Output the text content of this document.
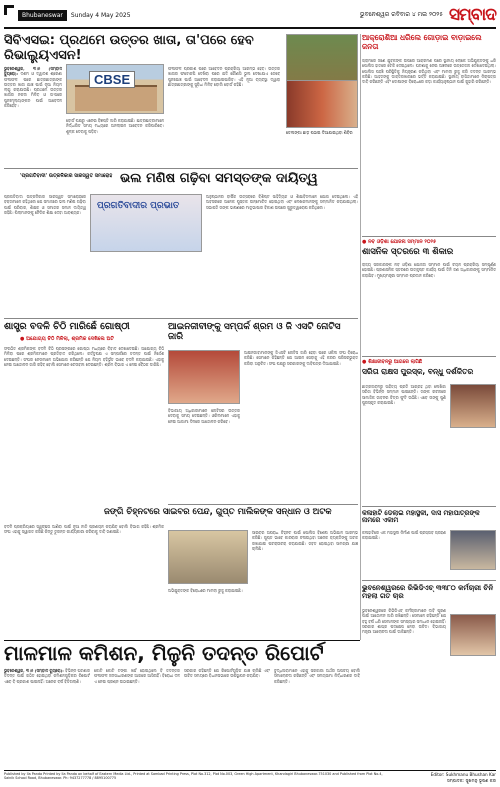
Bhubaneswar	Sunday 4 May 2025	ଭୁବନେଶ୍ୱର ରବିବାର ୪ ମଇ ୨୦୨୫ ସମ୍ବାଦ
ସିବିଏସଇ: ପ୍ରଥମେ ଉତ୍ତର ଖାତା, ତା'ପରେ ହେବ ରିଭାଲ୍ୟୁଏସନ!
ଭୁବନେଶ୍ୱର, ୩।୫ (ସମ୍ବାଦ ବ୍ୟୁରୋ): ଦଶମ ଓ ଦ୍ୱାଦଶ ଶ୍ରେଣୀ ଫଳାଫଳ ପରେ ଛାତ୍ରଛାତ୍ରୀଙ୍କ ଉତ୍ତର ଖାତା ଯାଞ୍ଚ ପାଇଁ ନୂଆ ନିୟମ ଲାଗୁ କରାଯାଉଛି। ପ୍ରଥମେ ଉତ୍ତର ଖାତାର ନକଲ ମିଳିବ ଓ ତା'ପରେ ପୁନଃମୂଲ୍ୟାଙ୍କନ ପାଇଁ ଆବେଦନ କରିହେବ।
CBSE
ବୋର୍ଡ ପକ୍ଷରୁ ଏନେଇ ବିଜ୍ଞପ୍ତି ଜାରି କରାଯାଇଛି। ଛାତ୍ରଛାତ୍ରୀମାନେ ନିର୍ଦ୍ଧାରିତ ସମୟ ମଧ୍ୟରେ ଅନଲାଇନ ଆବେଦନ କରିପାରିବେ। ଶୁଳ୍କ ଦେବାକୁ ପଡ଼ିବ।
ଫଳାଫଳ ପ୍ରକାଶ ପରେ ଆବେଦନ ପ୍ରକ୍ରିୟା ଆରମ୍ଭ ହେବ। ଉତ୍ତର ଖାତାର ଫଟୋକପି ଦେଖିବା ପରେ ଯଦି କୌଣସି ଭୁଲ ଦେଖାଯାଏ ତେବେ ପୁନଃଯାଞ୍ଚ ପାଇଁ ଆବେଦନ କରାଯାଇପାରିବ। ଏହି ନୂଆ ବ୍ୟବସ୍ଥା ଦ୍ୱାରା ଛାତ୍ରଛାତ୍ରୀଙ୍କୁ ସୁବିଧା ମିଳିବ ବୋଲି ବୋର୍ଡ କହିଛି।
ତେଲଙ୍ଗା ଛାଡ଼ ପଠାଇ ଦିଆଯାଇଥିବା ଶିବିର
ଆକ୍ରୋଶିଆ ଧରିଲେ ଗୋଡ଼ାଇ ବାଡ଼ାଇଲେ ଜନତା
ଗ୍ରାମରେ ଜଣେ ଯୁବକଙ୍କ ଉପରେ ଆକ୍ରମଣ ପରେ ସ୍ଥାନୀୟ ଲୋକେ ଅଭିଯୁକ୍ତଙ୍କୁ ଧରି ପୋଲିସ ହାତରେ ଟେକି ଦେଇଥିଲେ। ଘଟଣାକୁ ନେଇ ଅଞ୍ଚଳରେ ଉତ୍ତେଜନା ଦେଖାଦେଇଥିଲା। ପୋଲିସ ପହଞ୍ଚି ପରିସ୍ଥିତିକୁ ନିୟନ୍ତ୍ରଣ କରିଥିଲା ଏବଂ ମାମଲା ରୁଜୁ କରି ତଦନ୍ତ ଆରମ୍ଭ କରିଛି। ଆହତଙ୍କୁ ଡାକ୍ତରଖାନାରେ ଭର୍ତ୍ତି କରାଯାଇଛି। ସ୍ଥାନୀୟ ବାସିନ୍ଦାମାନେ ନିରାପତ୍ତା ଦାବି କରିଛନ୍ତି ଏବଂ ଦୋଷୀଙ୍କ ବିରୋଧରେ କଡ଼ା କାର୍ଯ୍ୟାନୁଷ୍ଠାନ ପାଇଁ ଗୁହାରି କରିଛନ୍ତି।
'ପ୍ରଗତିବାଦୀ' ଉତ୍କଳିକାର ସାରସ୍ୱତ ସମାରୋହ ଭଲ ମଣିଷ ଗଢ଼ିବା ସମସ୍ତଙ୍କ ଦାୟିତ୍ୱ
ପ୍ରଗତିବାଦୀ ଉତ୍କଳିକାର ସାରସ୍ୱତ ସମାରୋହରେ ବକ୍ତାମାନେ କହିଥିଲେ ଯେ ସମାଜରେ ଭଲ ମଣିଷ ଗଢ଼ିବା ପାଇଁ ପରିବାର, ଶିକ୍ଷକ ଓ ସମାଜର ସମାନ ଦାୟିତ୍ୱ ରହିଛି। ପିଲାମାନଙ୍କୁ ନୈତିକ ଶିକ୍ଷା ଦେବା ଆବଶ୍ୟକ।
ପ୍ରଗତିବାଦୀର ପ୍ରଭାତ
ଅନୁଷ୍ଠାନର ବାର୍ଷିକ ଉତ୍ସବରେ ବିଶିଷ୍ଟ ସାହିତ୍ୟିକ ଓ ଶିକ୍ଷାବିତମାନେ ଯୋଗ ଦେଇଥିଲେ। ଏହି ଅବସରରେ ଅନେକ ପୁସ୍ତକ ଉନ୍ମୋଚିତ ହୋଇଥିଲା ଏବଂ ଲେଖକମାନଙ୍କୁ ସମ୍ମାନିତ କରାଯାଇଥିଲା। ସଭାପତି ତାଙ୍କ ଭାଷଣରେ ମାତୃଭାଷାର ବିକାଶ ଉପରେ ଗୁରୁତ୍ୱାରୋପ କରିଥିଲେ।
ଶାସ୍ତ୍ର ବଦଳି ଚିଠି ମାରିଛେଁ ଗୋଷ୍ଠୀ
● ଅଯୋଗ୍ୟ ଚିଠି ମିଳିଲା, ଶ୍ରମିକ ଦେଖିଲେ ଅଟି
ସଂଗଠିତ ଶ୍ରମିକଙ୍କ ବଦଳି ଚିଠି ପ୍ରସଙ୍ଗରେ ଗୋଷ୍ଠୀ ମଧ୍ୟରେ ବିବାଦ ଦେଖାଦେଇଛି। ଅଯୋଗ୍ୟ ଚିଠି ମିଳିବା ପରେ ଶ୍ରମିକମାନେ ପ୍ରତିବାଦ କରିଥିଲେ। କର୍ତ୍ତୃପକ୍ଷ ଏ ସମ୍ପର୍କରେ ତଦନ୍ତ ପାଇଁ ନିର୍ଦ୍ଦେଶ ଦେଇଛନ୍ତି। ସଂଘର ନେତାମାନେ ଅଭିଯୋଗ କରିଛନ୍ତି ଯେ ନିୟମ ବହିର୍ଭୂତ ଭାବେ ବଦଳି କରାଯାଉଛି। ଏହାକୁ ନେଇ ଆନ୍ଦୋଳନ ଜାରି ରହିବ ବୋଲି ସେମାନେ ଚେତାବନୀ ଦେଇଛନ୍ତି। ଶ୍ରମ ବିଭାଗ ଏ ନେଇ ବୈଠକ ଡାକିଛି।
ଆଇନଜୀବୀଙ୍କୁ ସମ୍ପର୍କ ଶ୍ରମ ଓ ଜି ଏସଟି ନୋଟିସ ଜାରି
ଆଇନଜୀବୀମାନଙ୍କୁ ଜିଏସଟି ନୋଟିସ ଜାରି ହେବା ପରେ ଓକିଲ ସଂଘ ବିରୋଧ କରିଛି। ସେମାନେ କହିଛନ୍ତି ଯେ ଆଇନ ସେବାକୁ ଏହି କରର ପରିସରଭୁକ୍ତ କରିବା ଅନୁଚିତ। ସଂଘ ପକ୍ଷରୁ ସରକାରଙ୍କୁ ଦାବିପତ୍ର ଦିଆଯାଇଛି।
ବିଭାଗୀୟ ଅଧିକାରୀମାନେ ନୋଟିସର ଉତ୍ତର ଦେବାକୁ ସମୟ ଦେଇଛନ୍ତି। ଓକିଲମାନେ ଏହାକୁ ନେଇ ଆଗାମୀ ଦିନରେ ଆନ୍ଦୋଳନ କରିବେ।
ଜଙ୍ଗି ଚିହ୍ନଟରେ ସାଇବର ପେନ୍ଦ, ଗୁପ୍ତ ମାଲିକଙ୍କ ସନ୍ଧାନ ଓ ଅଟକ
ସାଇବର ଅପରାଧ ଚିହ୍ନଟ ପାଇଁ ପୋଲିସ ବିଶେଷ ଅଭିଯାନ ଆରମ୍ଭ କରିଛି। ଗୁପ୍ତ ଭାବେ କାରବାର ଚଳାଉଥିବା ଅନେକ ବ୍ୟକ୍ତିଙ୍କୁ ଅଟକ ରଖାଯାଇ ପଚରାଉଚରା କରାଯାଉଛି। ଜବତ ହୋଇଥିବା ସାମଗ୍ରୀ ଯାଞ୍ଚ ଚାଲିଛି।
ଅଭିଯୁକ୍ତଙ୍କ ବିରୋଧରେ ମାମଲା ରୁଜୁ କରାଯାଇଛି।
● ନବ ଓଡ଼ିଶା ଯୋଜନା ସମ୍ମାନ ୨୦୨୫
ଶାସନିକ ସ୍ତରରେ ୩ ଶିକାର
ରାଜ୍ୟ ସରକାରଙ୍କ ନବ ଓଡ଼ିଶା ଯୋଜନା ସମ୍ମାନ ପାଇଁ ଚୟନ ପ୍ରକ୍ରିୟା ସମ୍ପୂର୍ଣ୍ଣ ହୋଇଛି। ପ୍ରଶାସନିକ ସ୍ତରରେ ଉତ୍କୃଷ୍ଟ କାର୍ଯ୍ୟ ପାଇଁ ତିନି ଜଣ ଅଧିକାରୀଙ୍କୁ ସମ୍ମାନିତ କରାଯିବ। ମୁଖ୍ୟମନ୍ତ୍ରୀ ସମ୍ମାନ ପ୍ରଦାନ କରିବେ।
● ଶିକ୍ଷାଜୀବନରୁ ଆଗରେ ଲାଗିଛି
ସରିତା ରାକ୍ଷସ ପୁରସ୍କ, ବନ୍ଧୁ ଦର୍ଶକିତର
ଛାତ୍ରଜୀବନରୁ ସାହିତ୍ୟ ପ୍ରତି ଆଗ୍ରହ ଥିବା ଲେଖିକା ସରିତା ବିଭିନ୍ନ ସମ୍ମାନ ପାଇଛନ୍ତି। ତାଙ୍କ ରଚନାରେ ସାମାଜିକ ଜୀବନର ଚିତ୍ର ଫୁଟି ଉଠିଛି। ଏବେ ତାଙ୍କୁ ପୁଣି ପୁରସ୍କୃତ କରାଯାଇଛି।
କଳାହାଟି ଡେଲାଇ ମହାସ୍ଥଳୀ, ଦାସ ମହାପାତ୍ରଙ୍କ ନାମରେ ଏକାମ
କଳାହାଟିରେ ଏକ ମହାସ୍ଥଳୀ ନିର୍ମାଣ ପାଇଁ ପ୍ରସ୍ତାବ ଗ୍ରହଣ କରାଯାଇଛି।
ଭୁବନେଶ୍ୱରରେ ରିଭିଡିଏଚ୍ ୩୩୮୦ କର୍ମଚାରୀ ଚିନି ମହଲା ଗତ ଚାର
ଭୁବନେଶ୍ୱରରେ ରିଭିଡିଏଚ୍ କର୍ମଚାରୀମାନେ ଦାବି ପୂରଣ ପାଇଁ ଆନ୍ଦୋଳନ ଜାରି ରଖିଛନ୍ତି। ସେମାନେ କହିଛନ୍ତି ଯେ ବହୁ ବର୍ଷ ଧରି ସେମାନଙ୍କ ସମସ୍ୟାର ସମାଧାନ ହୋଇନାହିଁ। ସରକାର ଶୀଘ୍ର ପଦକ୍ଷେପ ନେବା ଉଚିତ। ବିଭାଗୀୟ ମନ୍ତ୍ରୀ ଆଲୋଚନା ପାଇଁ ଡାକିଛନ୍ତି।
ବଦଳି ପ୍ରକ୍ରିୟାରେ ସ୍ୱଚ୍ଛତା ଆଣିବା ପାଇଁ ନୂଆ ନୀତି ପ୍ରଣୟନ କରାଯିବ ବୋଲି ବିଭାଗ କହିଛି। ଶ୍ରମିକ ସଂଘ ଏହାକୁ ସ୍ୱାଗତ କରିଛି କିନ୍ତୁ ତୁରନ୍ତ କାର୍ଯ୍ୟକାରୀ କରିବାକୁ ଦାବି ଜଣାଇଛି।
ମାଳମାଳ କମିଶନ, ମିଳୁନି ତଦନ୍ତ ରିପୋର୍ଟ
ଭୁବନେଶ୍ୱର, ୩।୫ (ସମ୍ବାଦ ବ୍ୟୁରୋ): ବିଭିନ୍ନ ଘଟଣାର ତଦନ୍ତ ପାଇଁ ଗଠିତ ହୋଇଥିବା କମିଶନଗୁଡ଼ିକର ରିପୋର୍ଟ ଏବେ ବି ପ୍ରକାଶ ପାଇନାହିଁ। ଅନେକ ବର୍ଷ ବିତିଗଲାଣି।
କୋଟି କୋଟି ଟଙ୍କା ଖର୍ଚ୍ଚ ହୋଇଥିଲେ ବି ତଦନ୍ତର ଫଳାଫଳ ଜନସାଧାରଣଙ୍କ ଆଗରେ ଆସିନାହିଁ। ବିରୋଧୀ ଦଳ ଏ ନେଇ ପ୍ରଶ୍ନ ଉଠାଇଛନ୍ତି।
ସରକାର କହିଛନ୍ତି ଯେ ରିପୋର୍ଟଗୁଡ଼ିକ ଯାଞ୍ଚ ଚାଲିଛି ଏବଂ ଉଚିତ ସମୟରେ ବିଧାନସଭାରେ ଉପସ୍ଥାପନ କରାଯିବ।
ବୁଦ୍ଧିଜୀବୀମାନେ ଏହାକୁ ସରକାରୀ ଅର୍ଥର ଅପଚୟ ବୋଲି ସମାଲୋଚନା କରିଛନ୍ତି ଏବଂ ସମୟସୀମା ନିର୍ଦ୍ଧାରଣର ଦାବି କରିଛନ୍ତି।
Published by Ila Panda Printed by Ila Panda on behalf of Eastern Media Ltd., Printed at Sambad Printing Press, Plot No.312, Plot No.003, Green High Apartment, Khandagiri Bhubaneswar-751030 and Published from Plot No.4, Sainik School Road, Bhubaneswar. Ph: 9437277778 / 8895100775
Editor: Sukhmanu Bhushan Kar
ସମ୍ପାଦକ: ସୁଖମନୁ ଭୂଷଣ କର
